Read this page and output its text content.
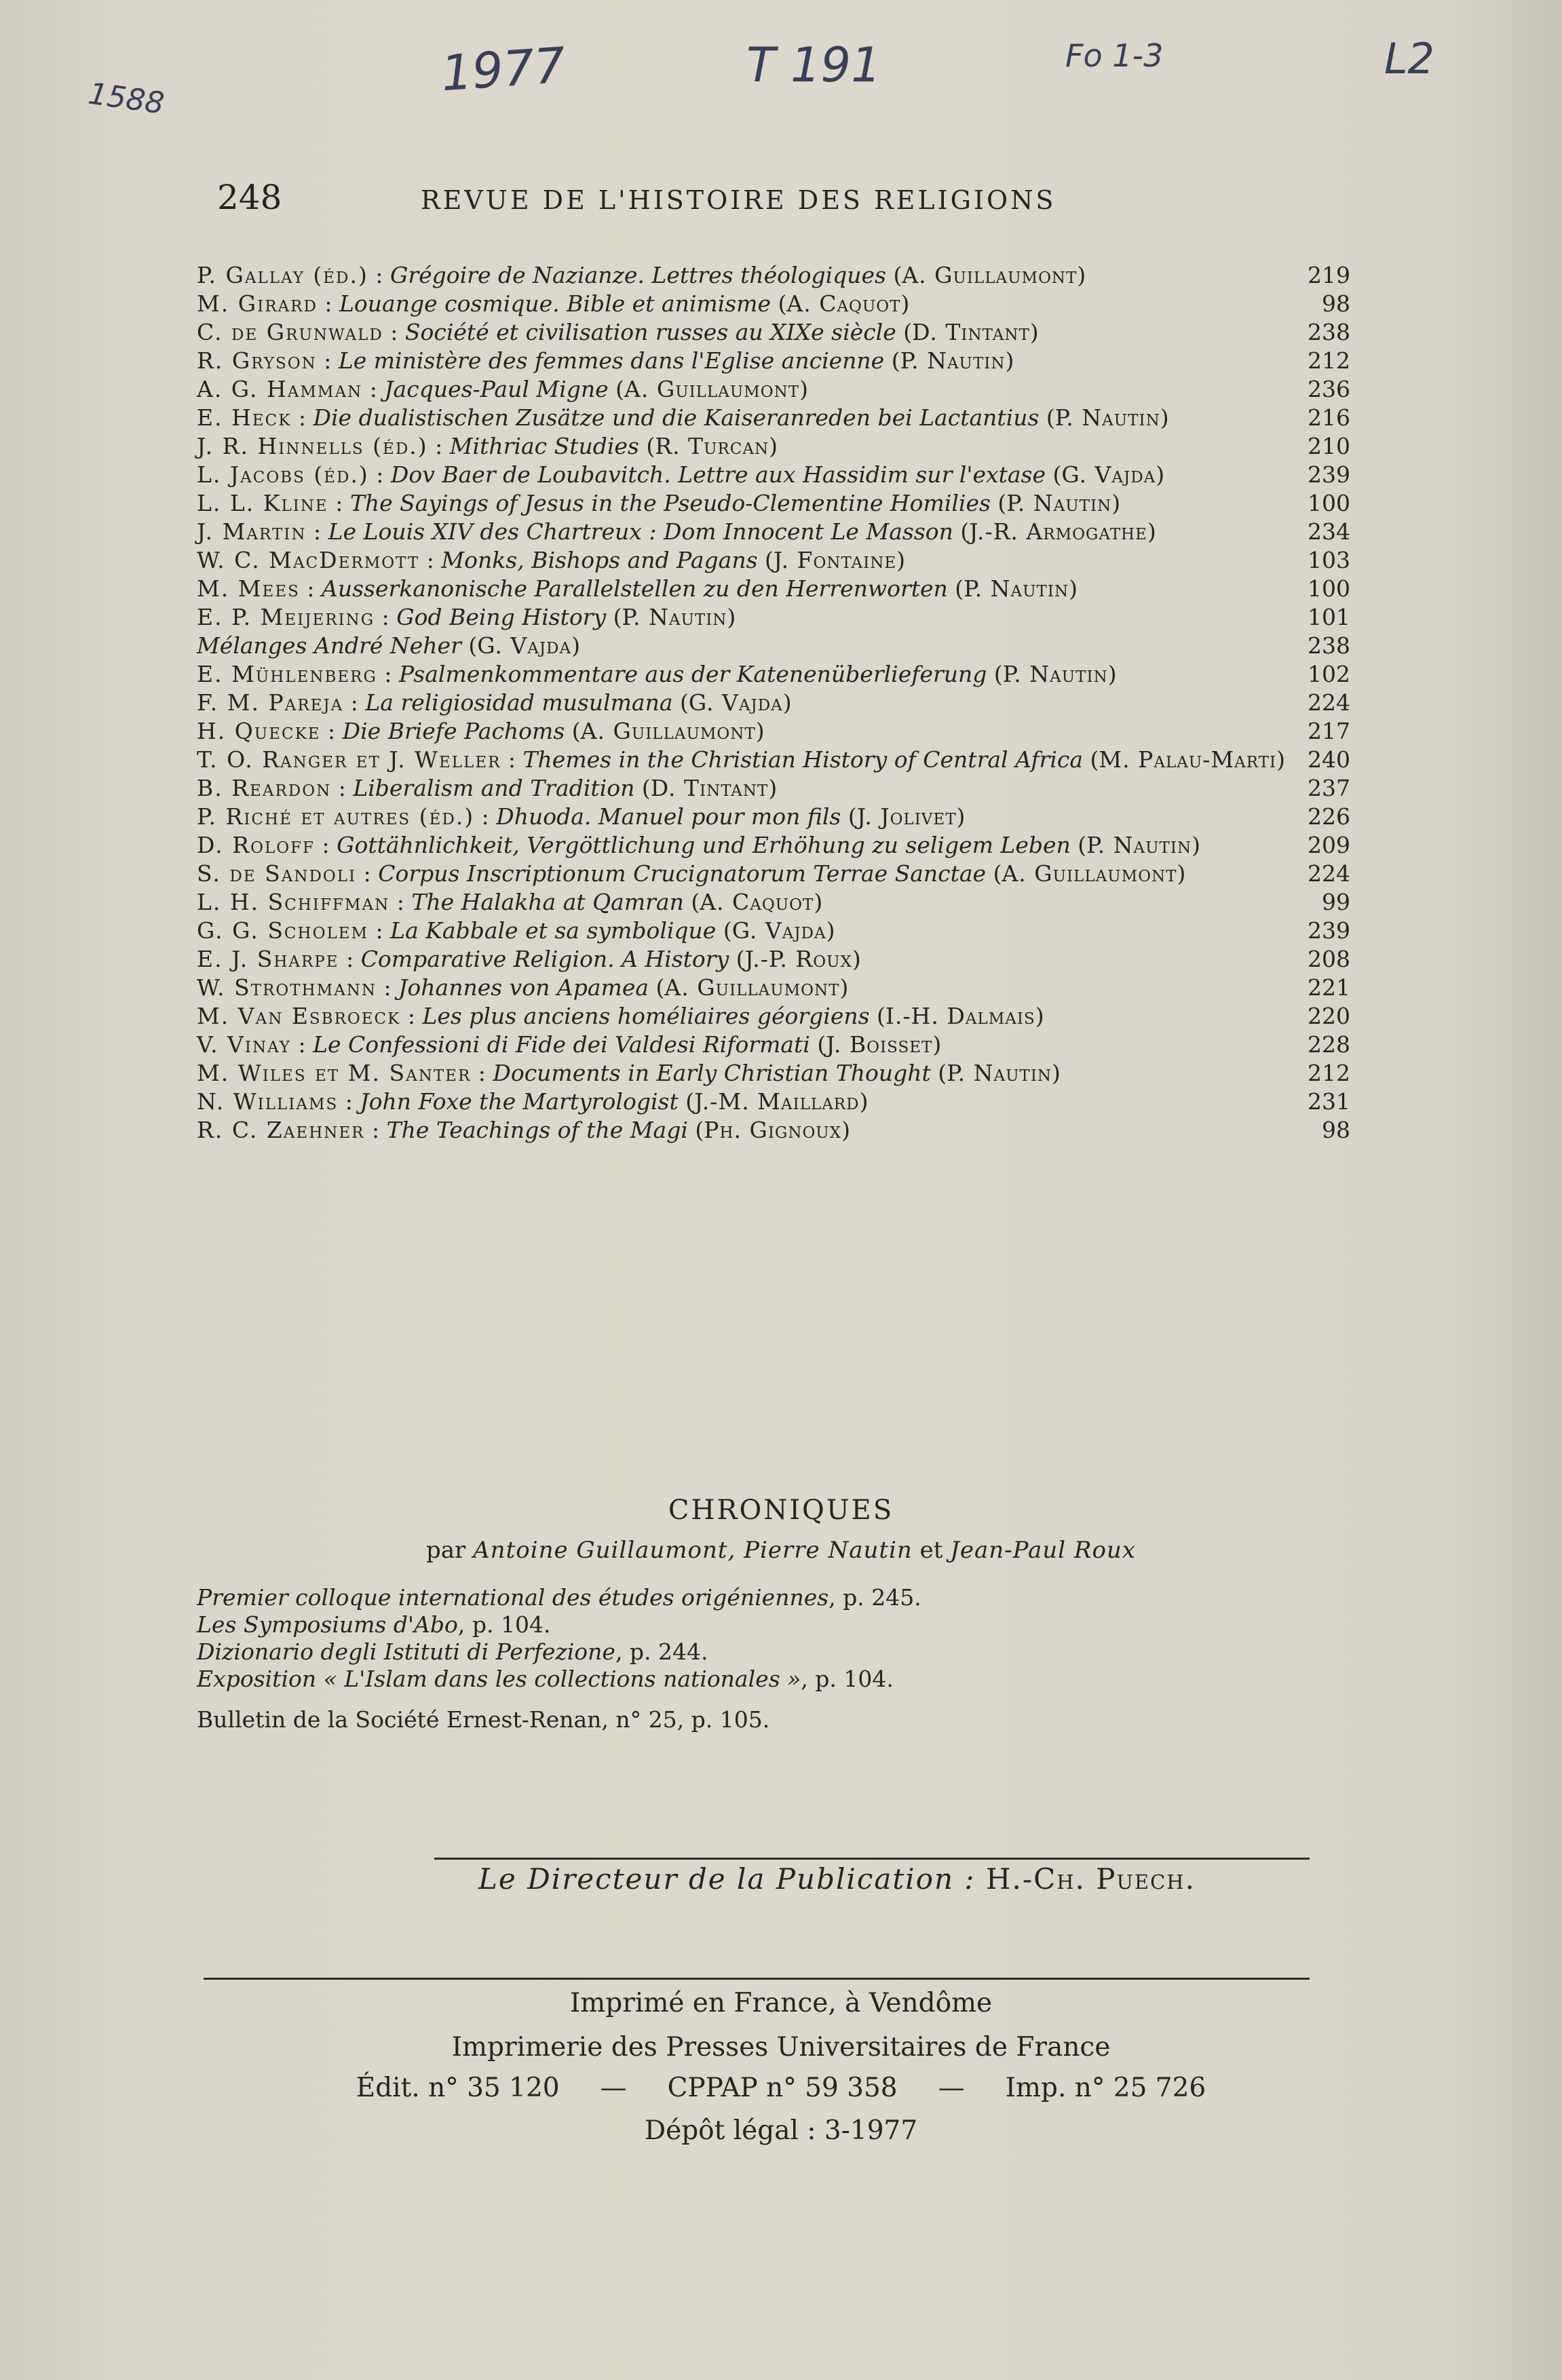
1588	1977	T 191	Fo 1-3	L2
248	REVUE DE L'HISTOIRE DES RELIGIONS
P. Gallay (éd.) : Grégoire de Nazianze. Lettres théologiques (A. Guillaumont)	219
M. Girard : Louange cosmique. Bible et animisme (A. Caquot)	98
C. de Grunwald : Société et civilisation russes au XIXe siècle (D. Tintant)	238
R. Gryson : Le ministère des femmes dans l'Eglise ancienne (P. Nautin)	212
A. G. Hamman : Jacques-Paul Migne (A. Guillaumont)	236
E. Heck : Die dualistischen Zusätze und die Kaiseranreden bei Lactantius (P. Nautin)	216
J. R. Hinnells (éd.) : Mithriac Studies (R. Turcan)	210
L. Jacobs (éd.) : Dov Baer de Loubavitch. Lettre aux Hassidim sur l'extase (G. Vajda)	239
L. L. Kline : The Sayings of Jesus in the Pseudo-Clementine Homilies (P. Nautin)	100
J. Martin : Le Louis XIV des Chartreux : Dom Innocent Le Masson (J.-R. Armogathe)	234
W. C. MacDermott : Monks, Bishops and Pagans (J. Fontaine)	103
M. Mees : Ausserkanonische Parallelstellen zu den Herrenworten (P. Nautin)	100
E. P. Meijering : God Being History (P. Nautin)	101
Mélanges André Neher (G. Vajda)	238
E. Mühlenberg : Psalmenkommentare aus der Katenenüberlieferung (P. Nautin)	102
F. M. Pareja : La religiosidad musulmana (G. Vajda)	224
H. Quecke : Die Briefe Pachoms (A. Guillaumont)	217
T. O. Ranger et J. Weller : Themes in the Christian History of Central Africa (M. Palau-Marti) 240
B. Reardon : Liberalism and Tradition (D. Tintant)	237
P. Riché et autres (éd.) : Dhuoda. Manuel pour mon fils (J. Jolivet)	226
D. Roloff : Gottähnlichkeit, Vergöttlichung und Erhöhung zu seligem Leben (P. Nautin)	209
S. de Sandoli : Corpus Inscriptionum Crucignatorum Terrae Sanctae (A. Guillaumont)	224
L. H. Schiffman : The Halakha at Qamran (A. Caquot)	99
G. G. Scholem : La Kabbale et sa symbolique (G. Vajda)	239
E. J. Sharpe : Comparative Religion. A History (J.-P. Roux)	208
W. Strothmann : Johannes von Apamea (A. Guillaumont)	221
M. Van Esbroeck : Les plus anciens homéliaires géorgiens (I.-H. Dalmais)	220
V. Vinay : Le Confessioni di Fide dei Valdesi Riformati (J. Boisset)	228
M. Wiles et M. Santer : Documents in Early Christian Thought (P. Nautin)	212
N. Williams : John Foxe the Martyrologist (J.-M. Maillard)	231
R. C. Zaehner : The Teachings of the Magi (Ph. Gignoux)	98
CHRONIQUES
par Antoine Guillaumont, Pierre Nautin et Jean-Paul Roux
Premier colloque international des études origéniennes, p. 245.
Les Symposiums d'Abo, p. 104.
Dizionario degli Istituti di Perfezione, p. 244.
Exposition « L'Islam dans les collections nationales », p. 104.
Bulletin de la Société Ernest-Renan, n° 25, p. 105.
Le Directeur de la Publication : H.-Ch. Puech.
Imprimé en France, à Vendôme
Imprimerie des Presses Universitaires de France
Édit. n° 35 120 — CPPAP n° 59 358 — Imp. n° 25 726
Dépôt légal : 3-1977
